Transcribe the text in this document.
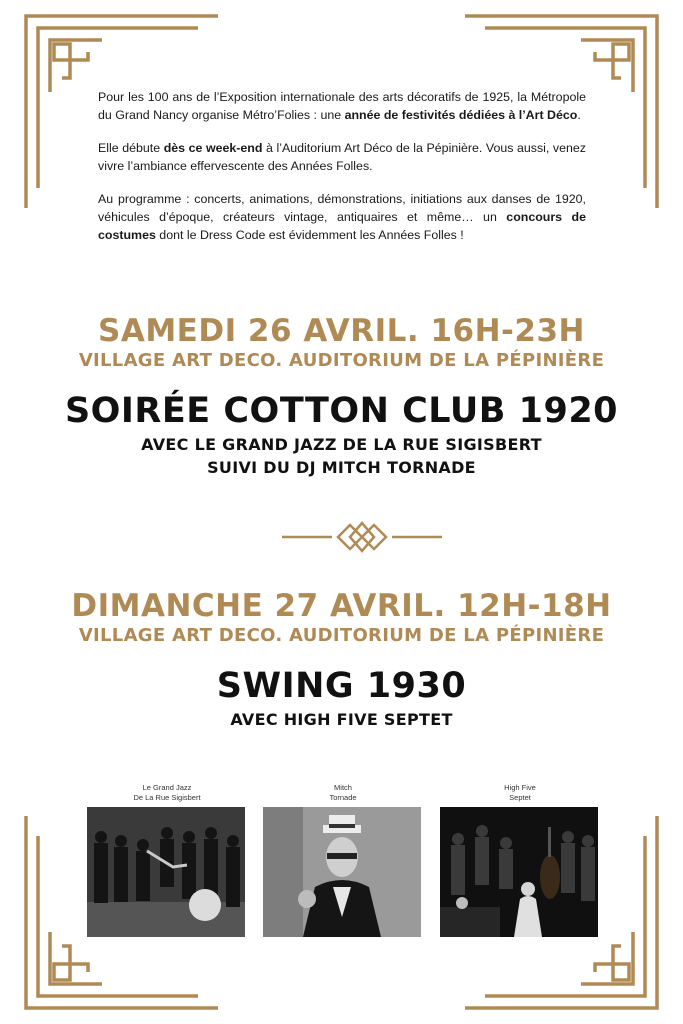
Pour les 100 ans de l’Exposition internationale des arts décoratifs de 1925, la Métropole du Grand Nancy organise Métro’Folies : une année de festivités dédiées à l’Art Déco.

Elle débute dès ce week-end à l’Auditorium Art Déco de la Pépinière. Vous aussi, venez vivre l’ambiance effervescente des Années Folles.

Au programme : concerts, animations, démonstrations, initiations aux danses de 1920, véhicules d’époque, créateurs vintage, antiquaires et même… un concours de costumes dont le Dress Code est évidemment les Années Folles !

SAMEDI 26 AVRIL. 16H-23H
VILLAGE ART DECO. AUDITORIUM DE LA PÉPINIÈRE
SOIRÉE COTTON CLUB 1920
AVEC LE GRAND JAZZ DE LA RUE SIGISBERT
SUIVI DU DJ MITCH TORNADE
DIMANCHE 27 AVRIL. 12H-18H
VILLAGE ART DECO. AUDITORIUM DE LA PÉPINIÈRE
SWING 1930
AVEC HIGH FIVE SEPTET
Le Grand Jazz
De La Rue Sigisbert
Mitch
Tornade
High Five
Septet
